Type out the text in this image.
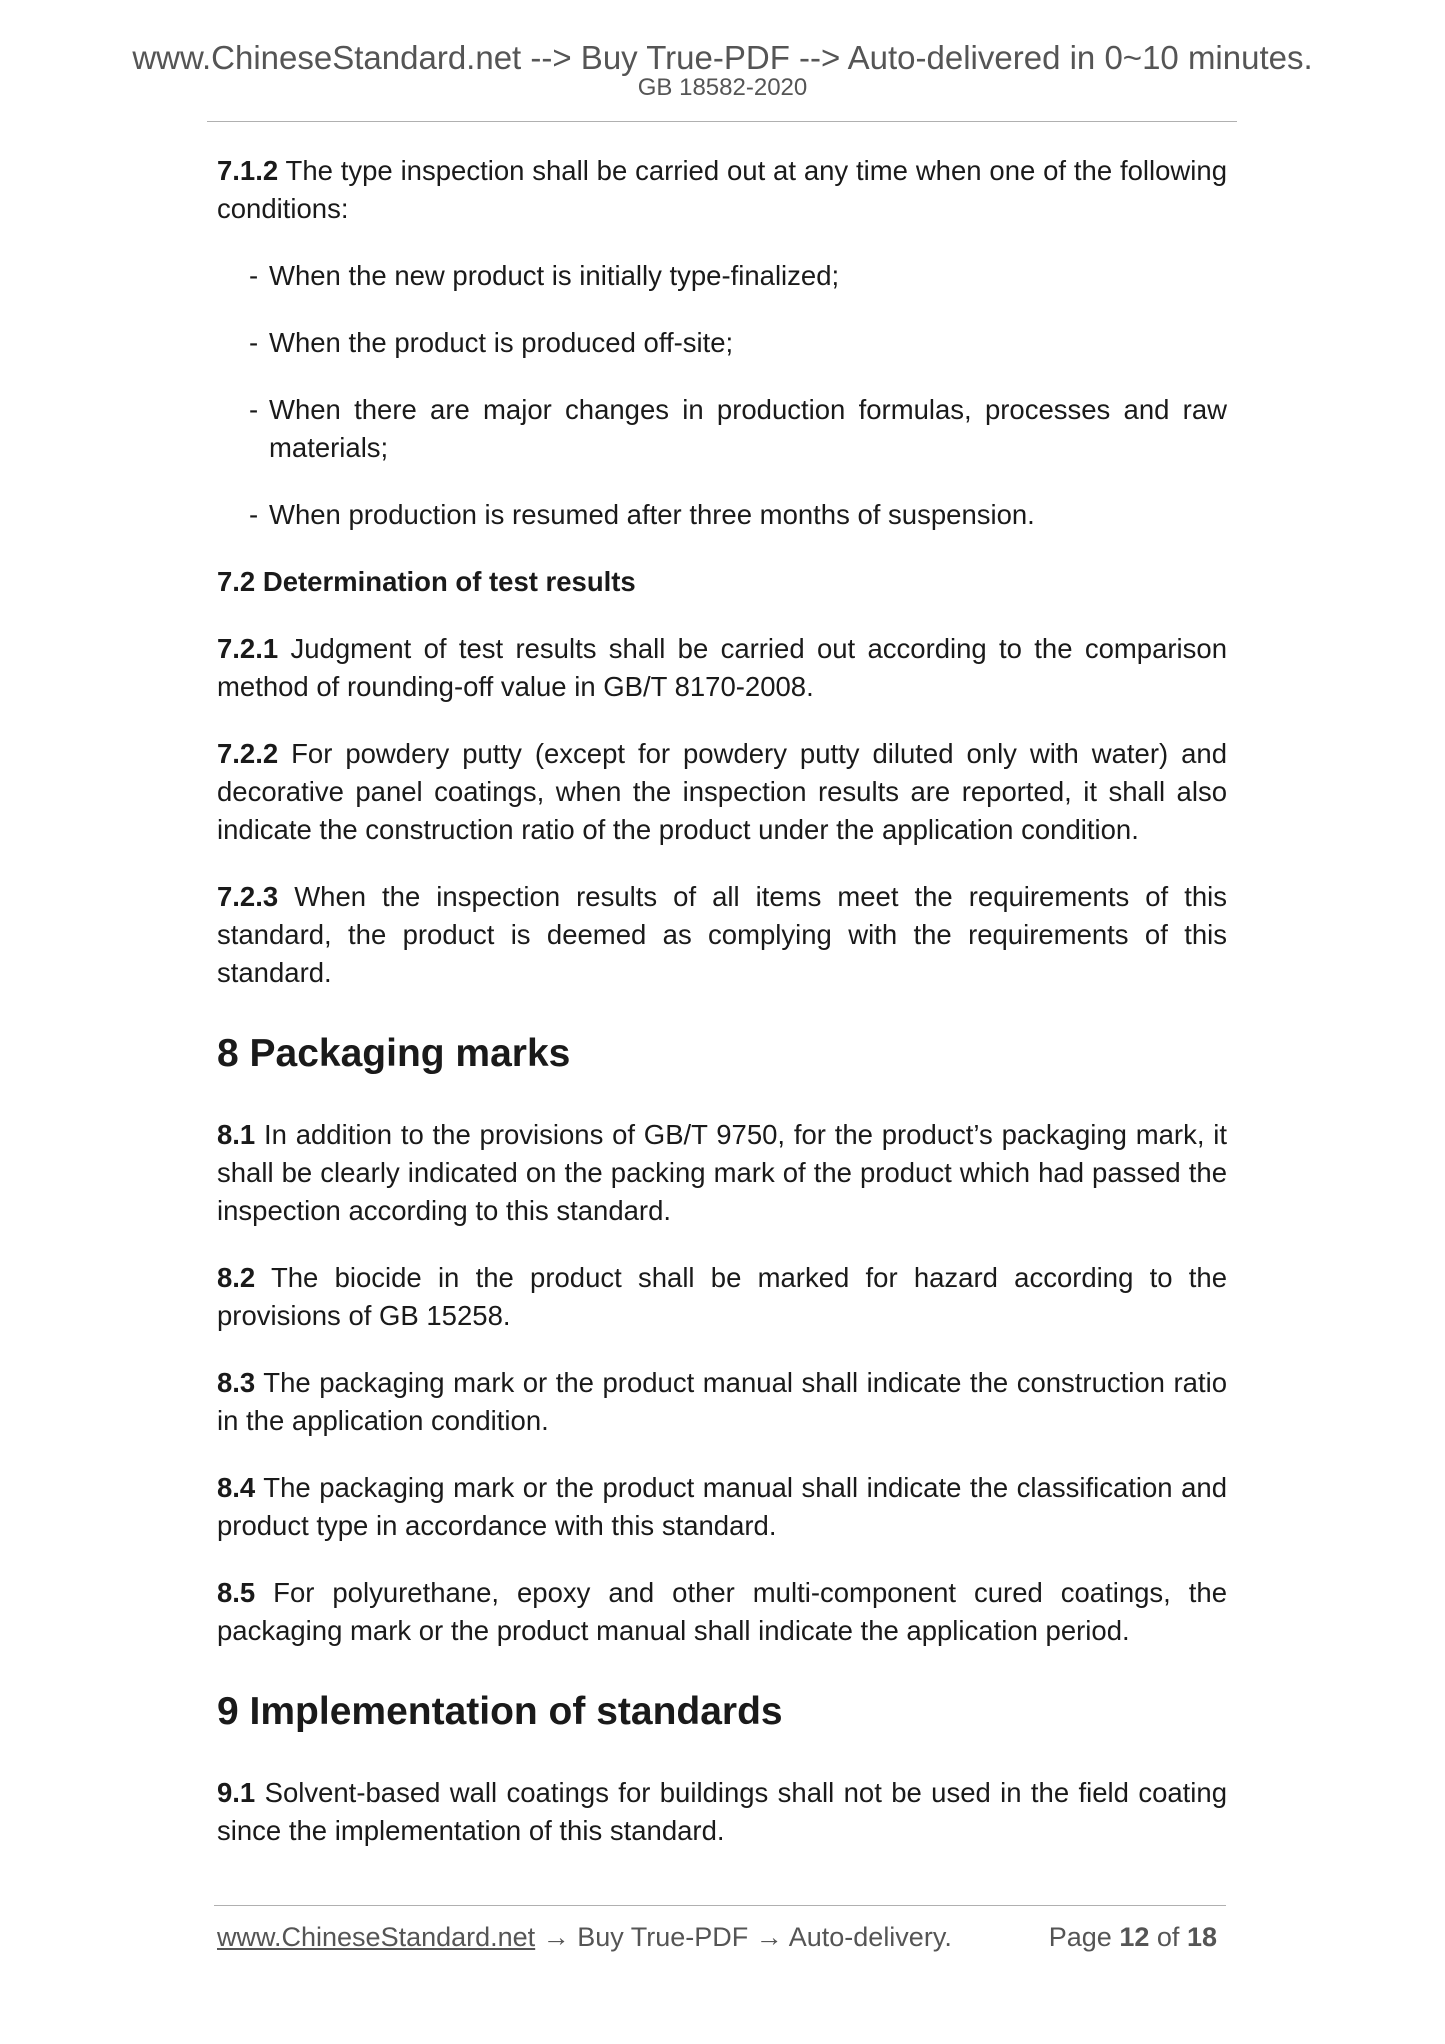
www.ChineseStandard.net --> Buy True-PDF --> Auto-delivered in 0~10 minutes.
GB 18582-2020

7.1.2 The type inspection shall be carried out at any time when one of the following conditions:

- When the new product is initially type-finalized;
- When the product is produced off-site;
- When there are major changes in production formulas, processes and raw materials;
- When production is resumed after three months of suspension.

7.2 Determination of test results

7.2.1 Judgment of test results shall be carried out according to the comparison method of rounding-off value in GB/T 8170-2008.

7.2.2 For powdery putty (except for powdery putty diluted only with water) and decorative panel coatings, when the inspection results are reported, it shall also indicate the construction ratio of the product under the application condition.

7.2.3 When the inspection results of all items meet the requirements of this standard, the product is deemed as complying with the requirements of this standard.

8 Packaging marks

8.1 In addition to the provisions of GB/T 9750, for the product’s packaging mark, it shall be clearly indicated on the packing mark of the product which had passed the inspection according to this standard.

8.2 The biocide in the product shall be marked for hazard according to the provisions of GB 15258.

8.3 The packaging mark or the product manual shall indicate the construction ratio in the application condition.

8.4 The packaging mark or the product manual shall indicate the classification and product type in accordance with this standard.

8.5 For polyurethane, epoxy and other multi-component cured coatings, the packaging mark or the product manual shall indicate the application period.

9 Implementation of standards

9.1 Solvent-based wall coatings for buildings shall not be used in the field coating since the implementation of this standard.

www.ChineseStandard.net → Buy True-PDF → Auto-delivery.	Page 12 of 18
